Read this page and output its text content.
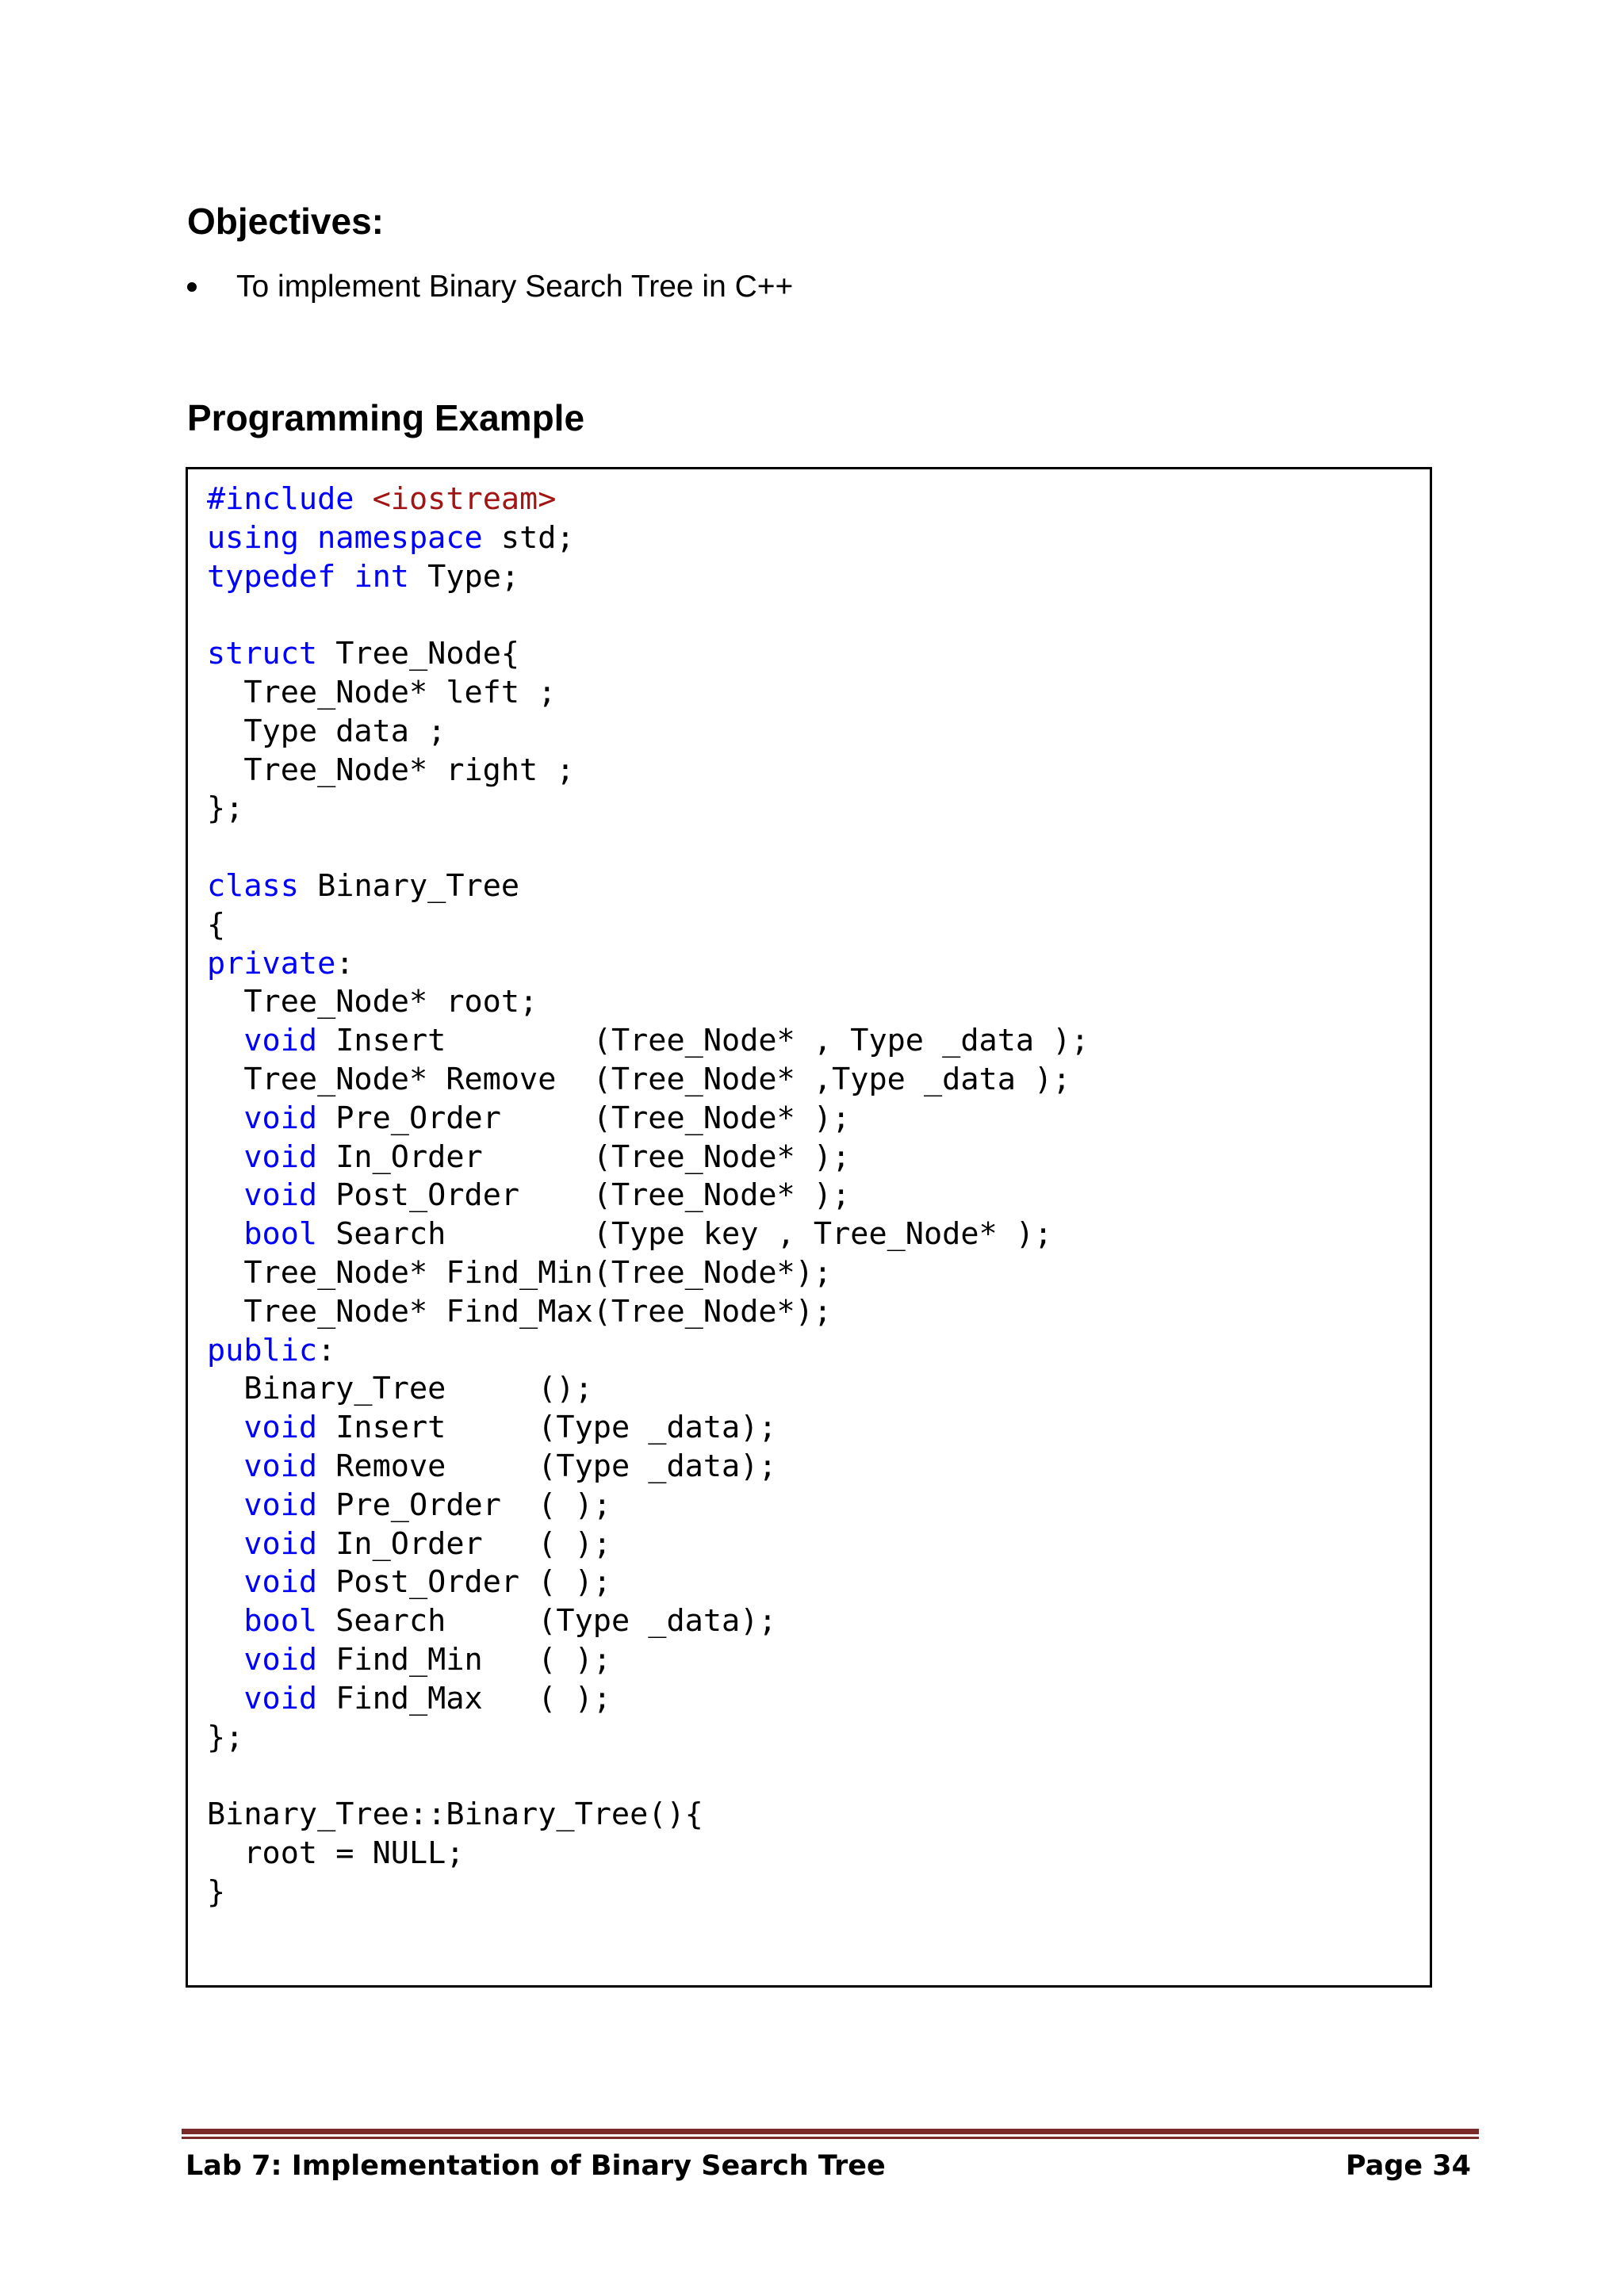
Objectives:
To implement Binary Search Tree in C++
Programming Example
#include <iostream>
using namespace std;
typedef int Type;
struct Tree_Node{
Tree_Node* left ;
Type data ;
Tree_Node* right ;
};
class Binary_Tree
{
private:
Tree_Node* root;
void Insert        (Tree_Node* , Type _data );
Tree_Node* Remove  (Tree_Node* ,Type _data );
void Pre_Order     (Tree_Node* );
void In_Order      (Tree_Node* );
void Post_Order    (Tree_Node* );
bool Search        (Type key , Tree_Node* );
Tree_Node* Find_Min(Tree_Node*);
Tree_Node* Find_Max(Tree_Node*);
public:
Binary_Tree     ();
void Insert     (Type _data);
void Remove     (Type _data);
void Pre_Order  ( );
void In_Order   ( );
void Post_Order ( );
bool Search     (Type _data);
void Find_Min   ( );
void Find_Max   ( );
};
Binary_Tree::Binary_Tree(){
root = NULL;
}
Lab 7: Implementation of Binary Search Tree	Page 34
